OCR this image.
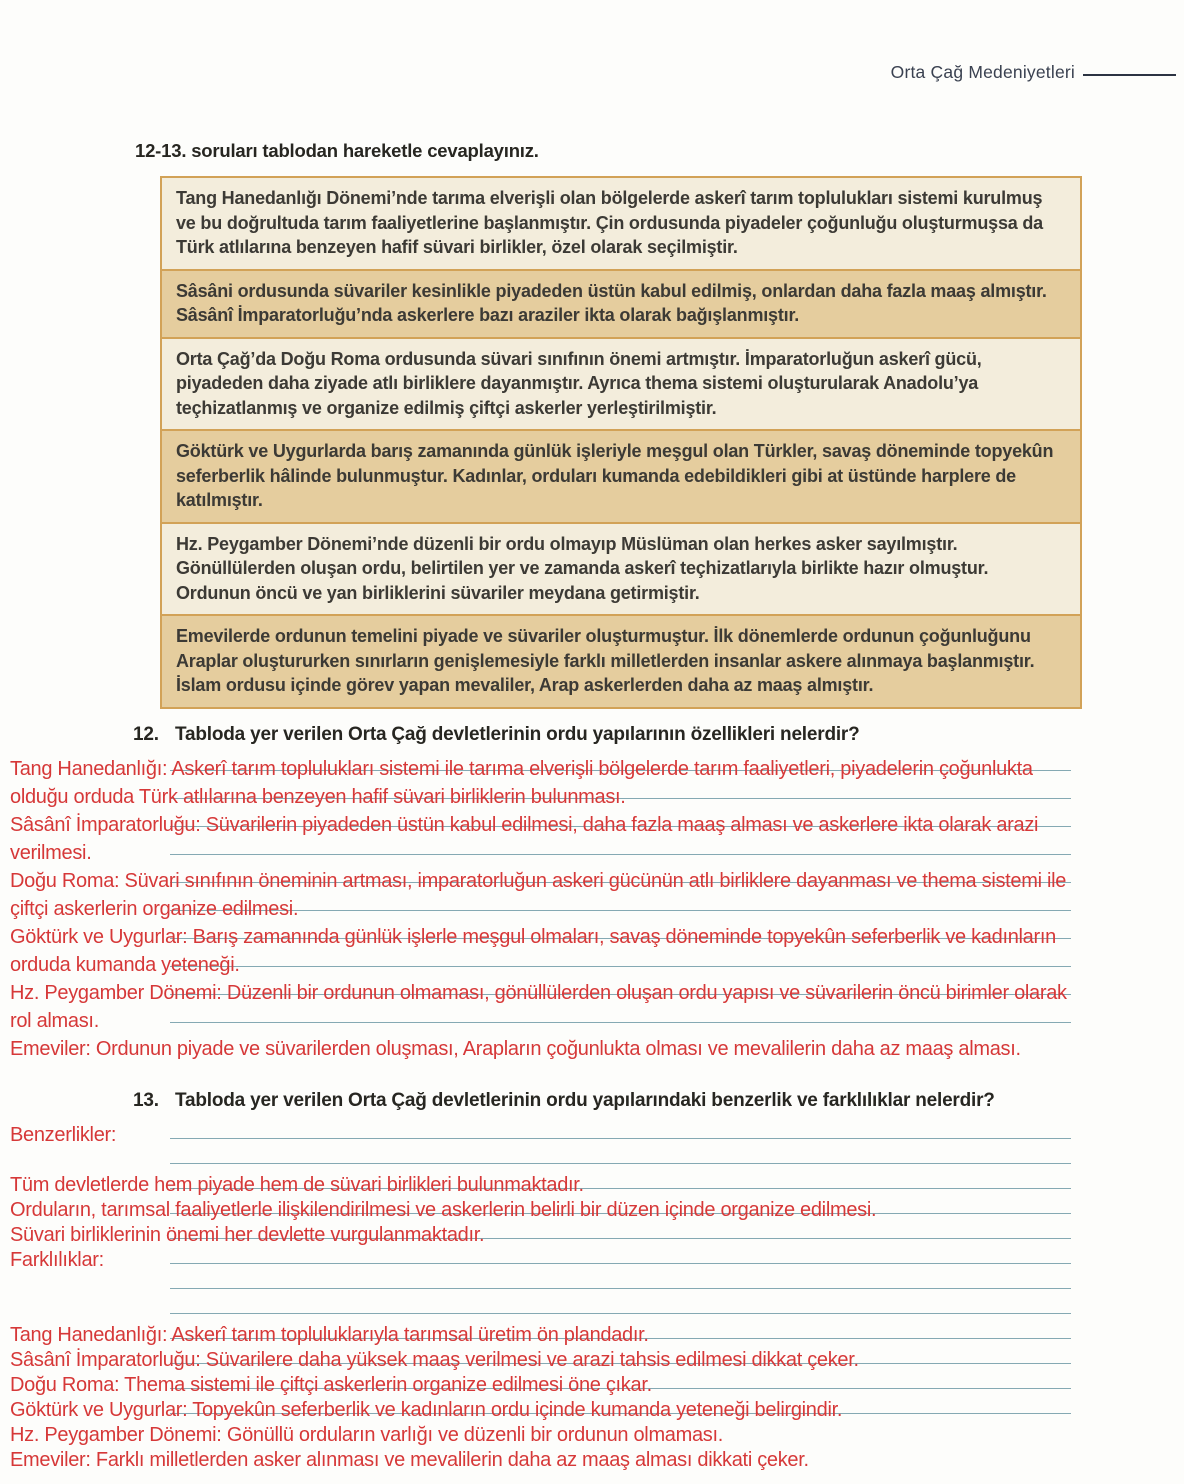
Orta Çağ Medeniyetleri
12-13. soruları tablodan hareketle cevaplayınız.
Tang Hanedanlığı Dönemi’nde tarıma elverişli olan bölgelerde askerî tarım toplulukları sistemi kurulmuş ve bu doğrultuda tarım faaliyetlerine başlanmıştır. Çin ordusunda piyadeler çoğunluğu oluşturmuşsa da Türk atlılarına benzeyen hafif süvari birlikler, özel olarak seçilmiştir.
Sâsâni ordusunda süvariler kesinlikle piyadeden üstün kabul edilmiş, onlardan daha fazla maaş almıştır. Sâsânî İmparatorluğu’nda askerlere bazı araziler ikta olarak bağışlanmıştır.
Orta Çağ’da Doğu Roma ordusunda süvari sınıfının önemi artmıştır. İmparatorluğun askerî gücü, piyadeden daha ziyade atlı birliklere dayanmıştır. Ayrıca thema sistemi oluşturularak Anadolu’ya teçhizatlanmış ve organize edilmiş çiftçi askerler yerleştirilmiştir.
Göktürk ve Uygurlarda barış zamanında günlük işleriyle meşgul olan Türkler, savaş döneminde topyekûn seferberlik hâlinde bulunmuştur. Kadınlar, orduları kumanda edebildikleri gibi at üstünde harplere de katılmıştır.
Hz. Peygamber Dönemi’nde düzenli bir ordu olmayıp Müslüman olan herkes asker sayılmıştır. Gönüllülerden oluşan ordu, belirtilen yer ve zamanda askerî teçhizatlarıyla birlikte hazır olmuştur. Ordunun öncü ve yan birliklerini süvariler meydana getirmiştir.
Emevilerde ordunun temelini piyade ve süvariler oluşturmuştur. İlk dönemlerde ordunun çoğunluğunu Araplar oluştururken sınırların genişlemesiyle farklı milletlerden insanlar askere alınmaya başlanmıştır. İslam ordusu içinde görev yapan mevaliler, Arap askerlerden daha az maaş almıştır.
12. Tabloda yer verilen Orta Çağ devletlerinin ordu yapılarının özellikleri nelerdir?
Tang Hanedanlığı: Askerî tarım toplulukları sistemi ile tarıma elverişli bölgelerde tarım faaliyetleri, piyadelerin çoğunlukta
olduğu orduda Türk atlılarına benzeyen hafif süvari birliklerin bulunması.
Sâsânî İmparatorluğu: Süvarilerin piyadeden üstün kabul edilmesi, daha fazla maaş alması ve askerlere ikta olarak arazi
verilmesi.
Doğu Roma: Süvari sınıfının öneminin artması, imparatorluğun askeri gücünün atlı birliklere dayanması ve thema sistemi ile
çiftçi askerlerin organize edilmesi.
Göktürk ve Uygurlar: Barış zamanında günlük işlerle meşgul olmaları, savaş döneminde topyekûn seferberlik ve kadınların
orduda kumanda yeteneği.
Hz. Peygamber Dönemi: Düzenli bir ordunun olmaması, gönüllülerden oluşan ordu yapısı ve süvarilerin öncü birimler olarak
rol alması.
Emeviler: Ordunun piyade ve süvarilerden oluşması, Arapların çoğunlukta olması ve mevalilerin daha az maaş alması.
13. Tabloda yer verilen Orta Çağ devletlerinin ordu yapılarındaki benzerlik ve farklılıklar nelerdir?
Benzerlikler:
Tüm devletlerde hem piyade hem de süvari birlikleri bulunmaktadır.
Orduların, tarımsal faaliyetlerle ilişkilendirilmesi ve askerlerin belirli bir düzen içinde organize edilmesi.
Süvari birliklerinin önemi her devlette vurgulanmaktadır.
Farklılıklar:
Tang Hanedanlığı: Askerî tarım topluluklarıyla tarımsal üretim ön plandadır.
Sâsânî İmparatorluğu: Süvarilere daha yüksek maaş verilmesi ve arazi tahsis edilmesi dikkat çeker.
Doğu Roma: Thema sistemi ile çiftçi askerlerin organize edilmesi öne çıkar.
Göktürk ve Uygurlar: Topyekûn seferberlik ve kadınların ordu içinde kumanda yeteneği belirgindir.
Hz. Peygamber Dönemi: Gönüllü orduların varlığı ve düzenli bir ordunun olmaması.
Emeviler: Farklı milletlerden asker alınması ve mevalilerin daha az maaş alması dikkati çeker.
